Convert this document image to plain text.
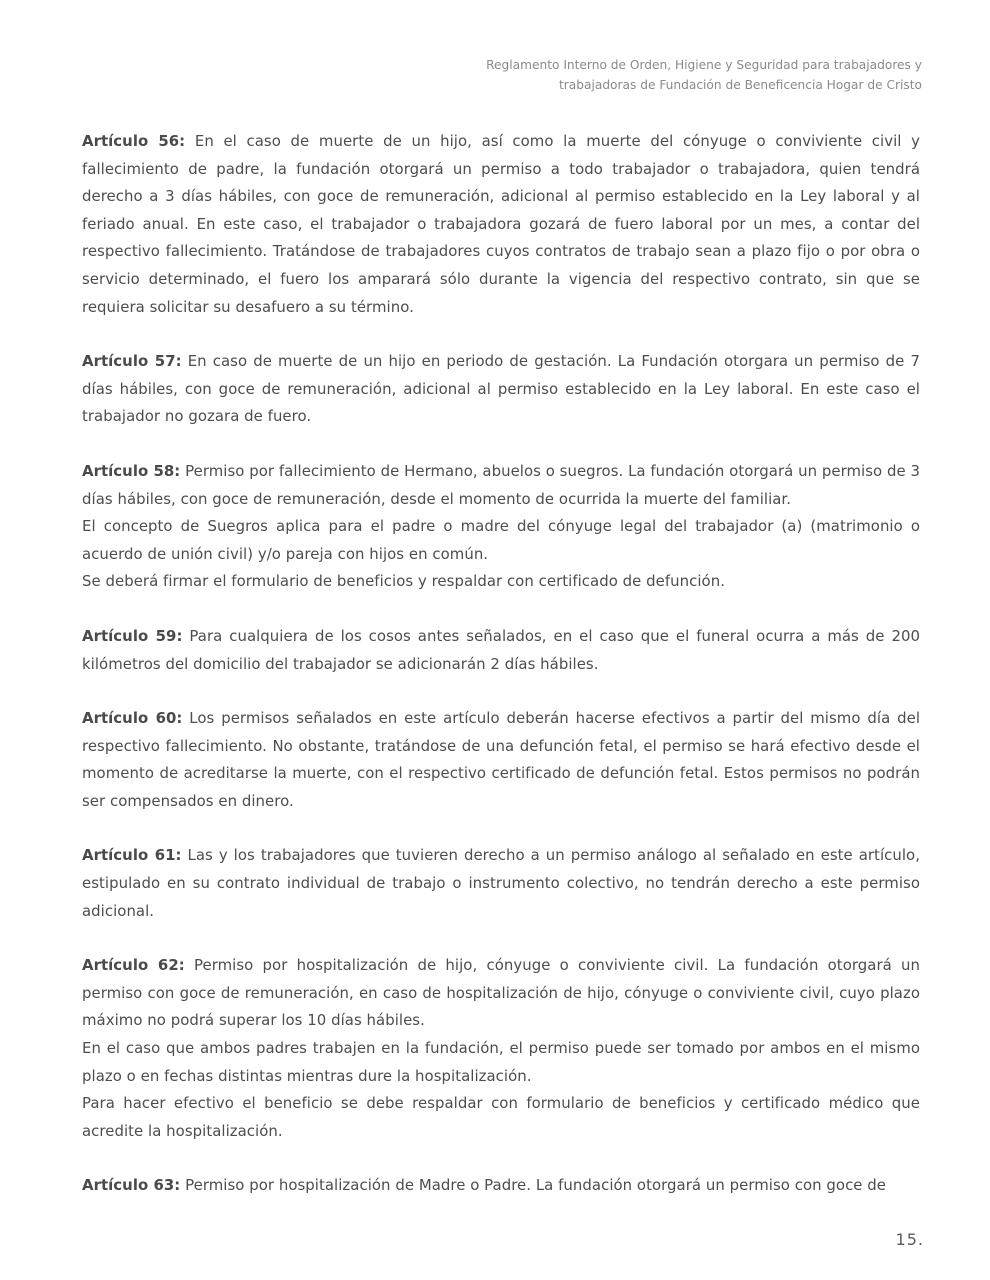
Reglamento Interno de Orden, Higiene y Seguridad para trabajadores y
trabajadoras de Fundación de Beneficencia Hogar de Cristo

Artículo 56: En el caso de muerte de un hijo, así como la muerte del cónyuge o conviviente civil y fallecimiento de padre, la fundación otorgará un permiso a todo trabajador o trabajadora, quien tendrá derecho a 3 días hábiles, con goce de remuneración, adicional al permiso establecido en la Ley laboral y al feriado anual. En este caso, el trabajador o trabajadora gozará de fuero laboral por un mes, a contar del respectivo fallecimiento. Tratándose de trabajadores cuyos contratos de trabajo sean a plazo fijo o por obra o servicio determinado, el fuero los amparará sólo durante la vigencia del respectivo contrato, sin que se requiera solicitar su desafuero a su término.

Artículo 57: En caso de muerte de un hijo en periodo de gestación. La Fundación otorgara un permiso de 7 días hábiles, con goce de remuneración, adicional al permiso establecido en la Ley laboral. En este caso el trabajador no gozara de fuero.

Artículo 58: Permiso por fallecimiento de Hermano, abuelos o suegros. La fundación otorgará un permiso de 3 días hábiles, con goce de remuneración, desde el momento de ocurrida la muerte del familiar.

El concepto de Suegros aplica para el padre o madre del cónyuge legal del trabajador (a) (matrimonio o acuerdo de unión civil) y/o pareja con hijos en común.

Se deberá firmar el formulario de beneficios y respaldar con certificado de defunción.

Artículo 59: Para cualquiera de los cosos antes señalados, en el caso que el funeral ocurra a más de 200 kilómetros del domicilio del trabajador se adicionarán 2 días hábiles.

Artículo 60: Los permisos señalados en este artículo deberán hacerse efectivos a partir del mismo día del respectivo fallecimiento. No obstante, tratándose de una defunción fetal, el permiso se hará efectivo desde el momento de acreditarse la muerte, con el respectivo certificado de defunción fetal. Estos permisos no podrán ser compensados en dinero.

Artículo 61: Las y los trabajadores que tuvieren derecho a un permiso análogo al señalado en este artículo, estipulado en su contrato individual de trabajo o instrumento colectivo, no tendrán derecho a este permiso adicional.

Artículo 62: Permiso por hospitalización de hijo, cónyuge o conviviente civil. La fundación otorgará un permiso con goce de remuneración, en caso de hospitalización de hijo, cónyuge o conviviente civil, cuyo plazo máximo no podrá superar los 10 días hábiles.

En el caso que ambos padres trabajen en la fundación, el permiso puede ser tomado por ambos en el mismo plazo o en fechas distintas mientras dure la hospitalización.

Para hacer efectivo el beneficio se debe respaldar con formulario de beneficios y certificado médico que acredite la hospitalización.

Artículo 63: Permiso por hospitalización de Madre o Padre. La fundación otorgará un permiso con goce de

15.
